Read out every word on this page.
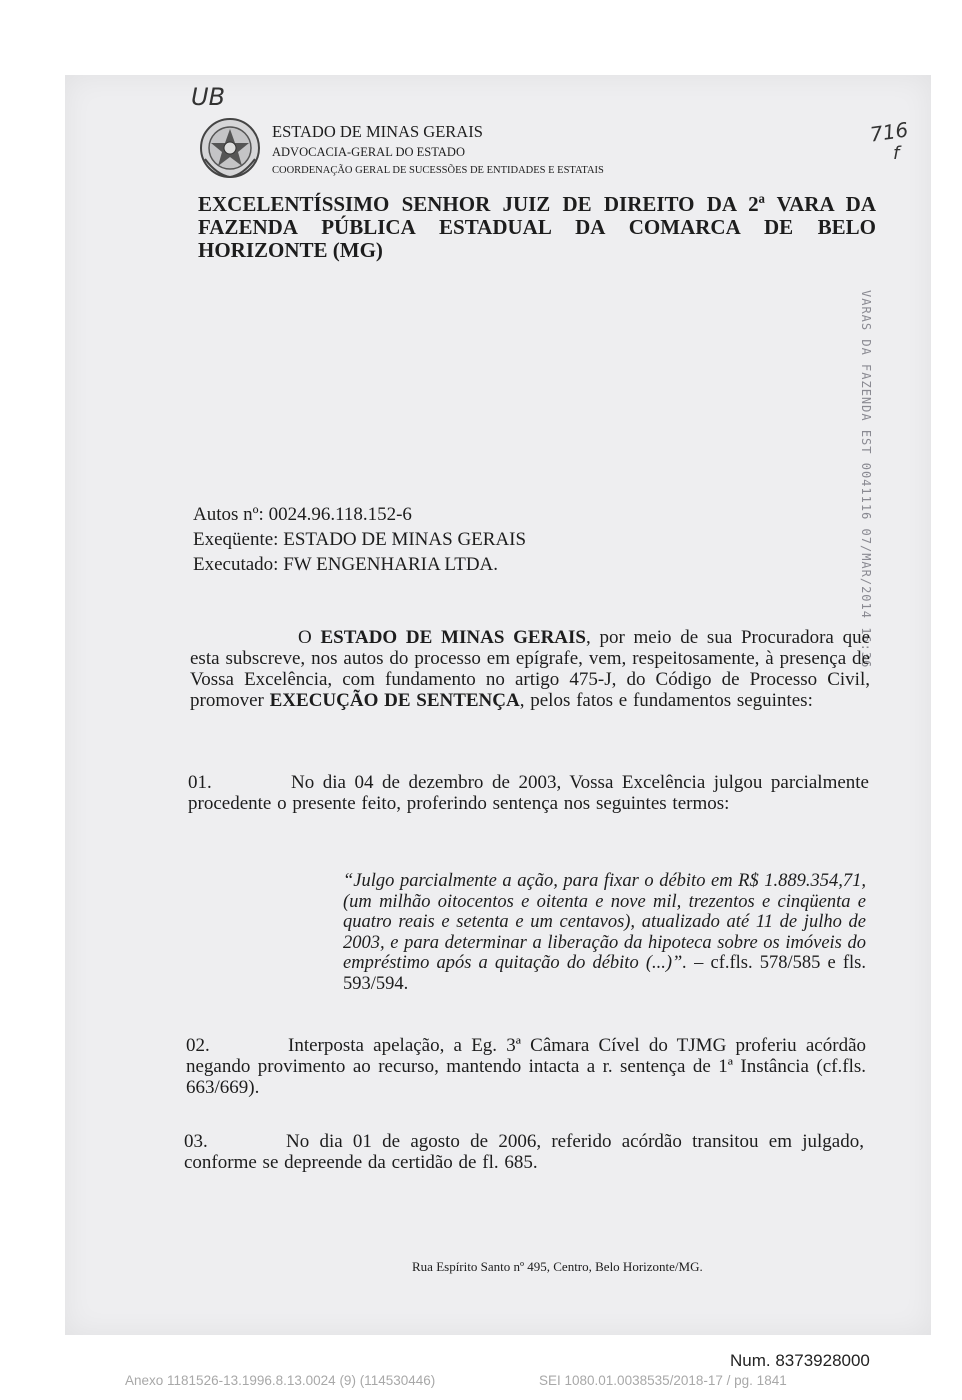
UB
716
f
ESTADO DE MINAS GERAIS
ADVOCACIA-GERAL DO ESTADO
COORDENAÇÃO GERAL DE SUCESSÕES DE ENTIDADES E ESTATAIS
EXCELENTÍSSIMO SENHOR JUIZ DE DIREITO DA 2ª VARA DA FAZENDA PÚBLICA ESTADUAL DA COMARCA DE BELO HORIZONTE (MG)
VARAS DA FAZENDA EST 0041116 07/MAR/2014 16:36
Autos nº: 0024.96.118.152-6
Exeqüente: ESTADO DE MINAS GERAIS
Executado: FW ENGENHARIA LTDA.
O ESTADO DE MINAS GERAIS, por meio de sua Procuradora que esta subscreve, nos autos do processo em epígrafe, vem, respeitosamente, à presença de Vossa Excelência, com fundamento no artigo 475-J, do Código de Processo Civil, promover EXECUÇÃO DE SENTENÇA, pelos fatos e fundamentos seguintes:
01.	No dia 04 de dezembro de 2003, Vossa Excelência julgou parcialmente procedente o presente feito, proferindo sentença nos seguintes termos:
“Julgo parcialmente a ação, para fixar o débito em R$ 1.889.354,71, (um milhão oitocentos e oitenta e nove mil, trezentos e cinqüenta e quatro reais e setenta e um centavos), atualizado até 11 de julho de 2003, e para determinar a liberação da hipoteca sobre os imóveis do empréstimo após a quitação do débito (...)”. – cf.fls. 578/585 e fls. 593/594.
02.	Interposta apelação, a Eg. 3ª Câmara Cível do TJMG proferiu acórdão negando provimento ao recurso, mantendo intacta a r. sentença de 1ª Instância (cf.fls. 663/669).
03.	No dia 01 de agosto de 2006, referido acórdão transitou em julgado, conforme se depreende da certidão de fl. 685.
Rua Espírito Santo nº 495, Centro, Belo Horizonte/MG.
Num. 8373928000
Anexo 1181526-13.1996.8.13.0024 (9) (114530446)	SEI 1080.01.0038535/2018-17 / pg. 1841
